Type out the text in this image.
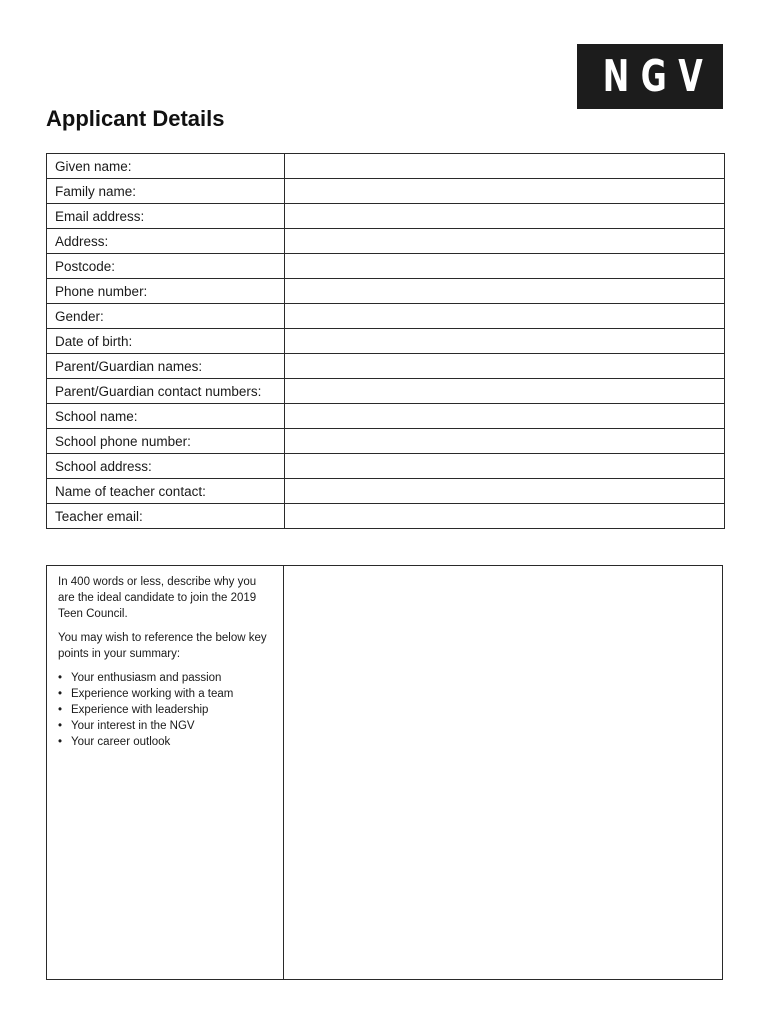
NGV
Applicant Details
Given name:	
Family name:	
Email address:	
Address:	
Postcode:	
Phone number:	
Gender:	
Date of birth:	
Parent/Guardian names:	
Parent/Guardian contact numbers:	
School name:	
School phone number:	
School address:	
Name of teacher contact:	
Teacher email:	

In 400 words or less, describe why you are the ideal candidate to join the 2019 Teen Council.

You may wish to reference the below key points in your summary:

• Your enthusiasm and passion
• Experience working with a team
• Experience with leadership
• Your interest in the NGV
• Your career outlook
